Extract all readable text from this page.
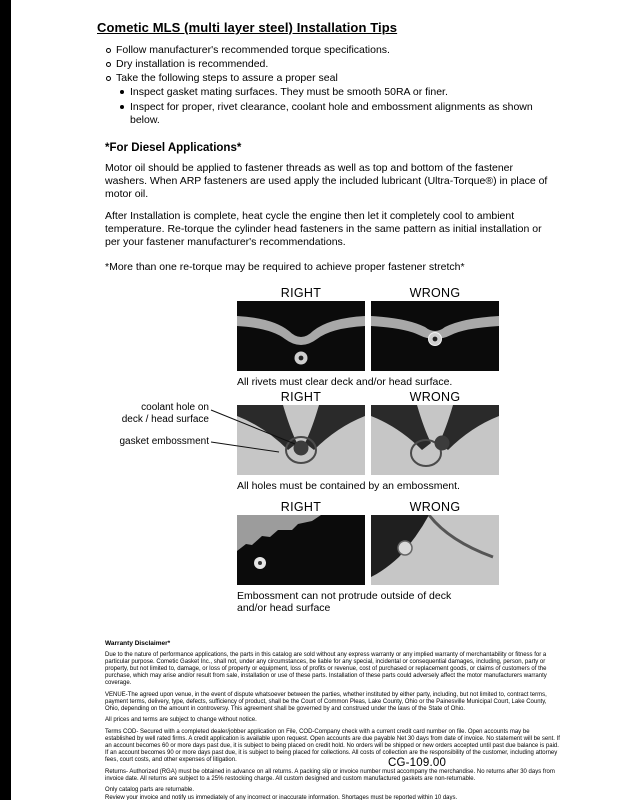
Cometic MLS (multi layer steel) Installation Tips
Follow manufacturer's recommended torque specifications.
Dry installation is recommended.
Take the following steps to assure a proper seal
Inspect gasket mating surfaces. They must be smooth 50RA or finer.
Inspect for proper, rivet clearance, coolant hole and embossment alignments as shown below.
*For Diesel Applications*

Motor oil should be applied to fastener threads as well as top and bottom of the fastener washers. When ARP fasteners are used apply the included lubricant (Ultra-Torque®) in place of motor oil.

After Installation is complete, heat cycle the engine then let it completely cool to ambient temperature. Re-torque the cylinder head fasteners in the same pattern as initial installation or per your fastener manufacturer's recommendations.

*More than one re-torque may be required to achieve proper fastener stretch*

RIGHT	WRONG
All rivets must clear deck and/or head surface.
RIGHT	WRONG
coolant hole on
deck / head surface
gasket embossment
All holes must be contained by an embossment.
RIGHT	WRONG
Embossment can not protrude outside of deck and/or head surface
Warranty Disclaimer*

Due to the nature of performance applications, the parts in this catalog are sold without any express warranty or any implied warranty of merchantability or fitness for a particular purpose. Cometic Gasket Inc., shall not, under any circumstances, be liable for any special, incidental or consequential damages, including, person, party or property, but not limited to, damage, or loss of property or equipment, loss of profits or revenue, cost of purchased or replacement goods, or claims of customers of the purchase, which may arise and/or result from sale, installation or use of these parts. Installation of these parts could adversely affect the motor manufacturers warranty coverage.

VENUE-The agreed upon venue, in the event of dispute whatsoever between the parties, whether instituted by either party, including, but not limited to, contract terms, payment terms, delivery, type, defects, sufficiency of product, shall be the Court of Common Pleas, Lake County, Ohio or the Painesville Municipal Court, Lake County, Ohio, depending on the amount in controversy. This agreement shall be governed by and construed under the laws of the State of Ohio.

All prices and terms are subject to change without notice.

Terms COD- Secured with a completed dealer/jobber application on File, COD-Company check with a current credit card number on file. Open accounts may be established by well rated firms. A credit application is available upon request. Open accounts are due payable Net 30 days from date of invoice. No statement will be sent. If an account becomes 60 or more days past due, it is subject to being placed on credit hold. No orders will be shipped or new orders accepted until past due balance is paid. If an account becomes 90 or more days past due, it is subject to being placed for collections. All costs of collection are the responsibility of the customer, including attorney fees, court costs, and other expenses of litigation.

Returns- Authorized (RGA) must be obtained in advance on all returns. A packing slip or invoice number must accompany the merchandise. No returns after 30 days from invoice date. All returns are subject to a 25% restocking charge. All custom designed and custom manufactured gaskets are non-returnable.

Only catalog parts are returnable.

Review your invoice and notify us immediately of any incorrect or inaccurate information. Shortages must be reported within 10 days.

CG-109.00
